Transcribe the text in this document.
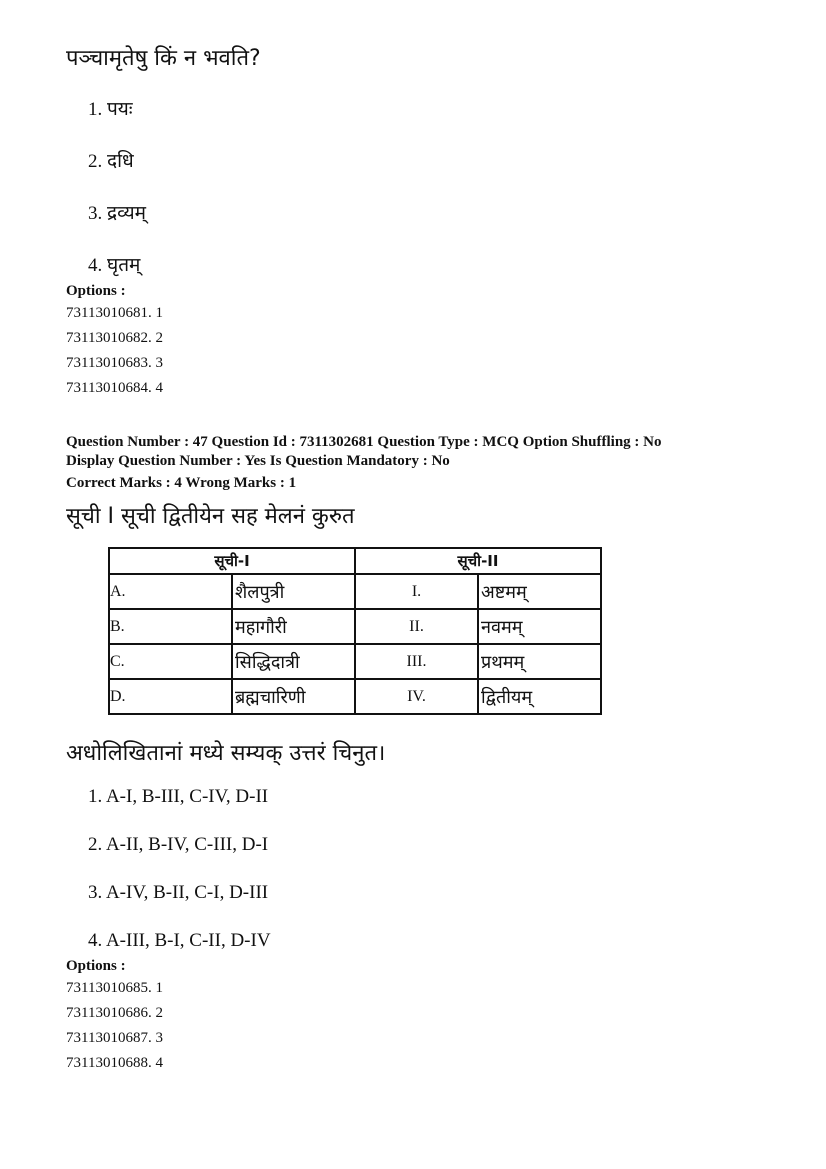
पञ्चामृतेषु किं न भवति?
1. पयः
2. दधि
3. द्रव्यम्
4. घृतम्
Options :
73113010681. 1
73113010682. 2
73113010683. 3
73113010684. 4
Question Number : 47 Question Id : 7311302681 Question Type : MCQ Option Shuffling : No
Display Question Number : Yes Is Question Mandatory : No
Correct Marks : 4 Wrong Marks : 1
सूची I सूची द्वितीयेन सह मेलनं कुरुत
सूची-I		सूची-II	
A.	शैलपुत्री	I.	अष्टमम्
B.	महागौरी	II.	नवमम्
C.	सिद्धिदात्री	III.	प्रथमम्
D.	ब्रह्मचारिणी	IV.	द्वितीयम्
अधोलिखितानां मध्ये सम्यक् उत्तरं चिनुत।
1. A-I, B-III, C-IV, D-II
2. A-II, B-IV, C-III, D-I
3. A-IV, B-II, C-I, D-III
4. A-III, B-I, C-II, D-IV
Options :
73113010685. 1
73113010686. 2
73113010687. 3
73113010688. 4
